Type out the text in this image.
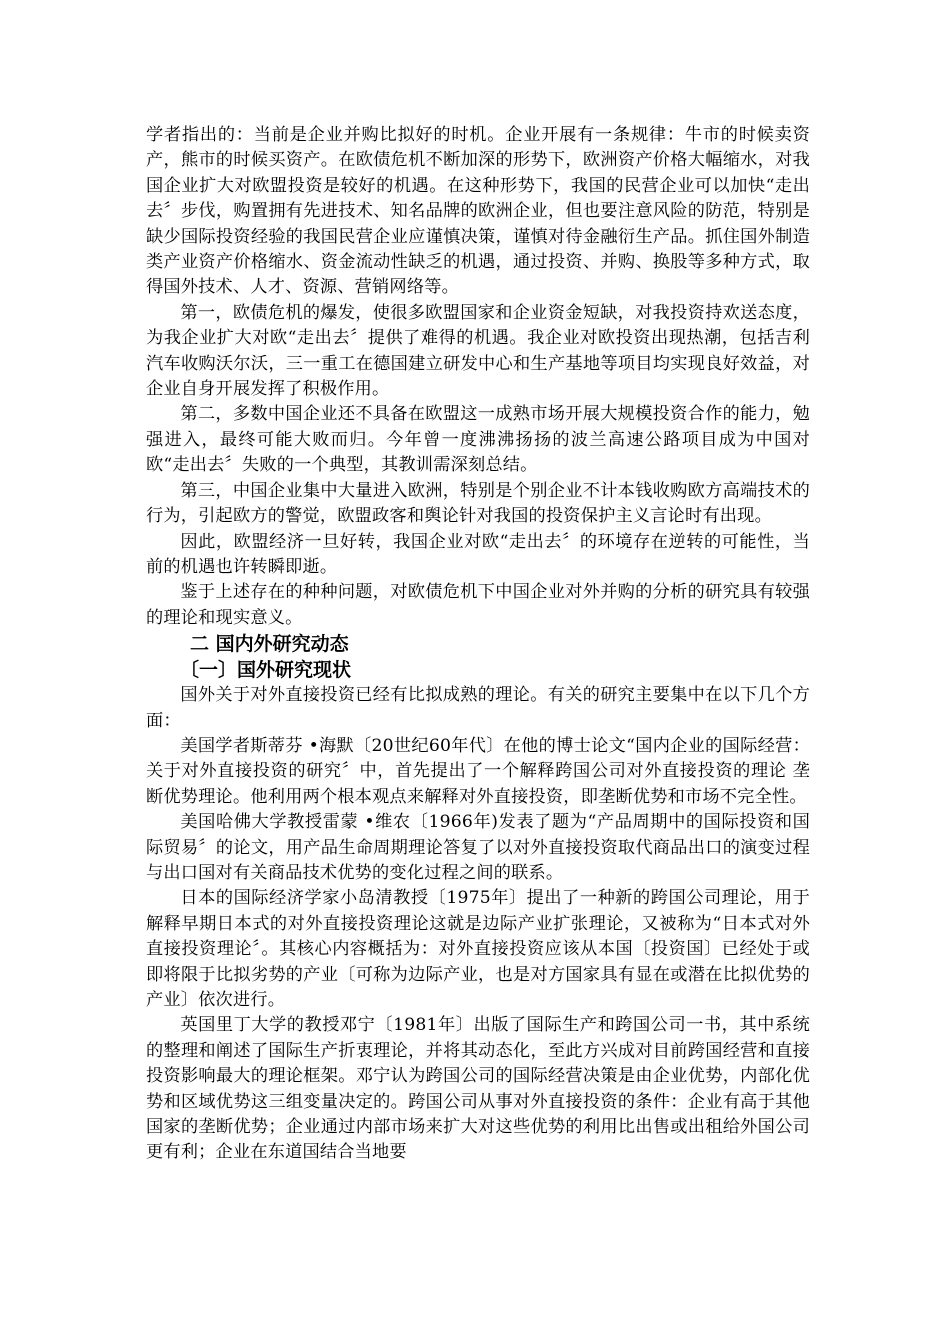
学者指出的：当前是企业并购比拟好的时机。企业开展有一条规律：牛市的时候卖资产，熊市的时候买资产。在欧债危机不断加深的形势下，欧洲资产价格大幅缩水，对我国企业扩大对欧盟投资是较好的机遇。在这种形势下，我国的民营企业可以加快“走出去〞步伐，购置拥有先进技术、知名品牌的欧洲企业，但也要注意风险的防范，特别是缺少国际投资经验的我国民营企业应谨慎决策，谨慎对待金融衍生产品。抓住国外制造类产业资产价格缩水、资金流动性缺乏的机遇，通过投资、并购、换股等多种方式，取得国外技术、人才、资源、营销网络等。

第一，欧债危机的爆发，使很多欧盟国家和企业资金短缺，对我投资持欢送态度，为我企业扩大对欧“走出去〞提供了难得的机遇。我企业对欧投资出现热潮，包括吉利汽车收购沃尔沃，三一重工在德国建立研发中心和生产基地等项目均实现良好效益，对企业自身开展发挥了积极作用。

第二，多数中国企业还不具备在欧盟这一成熟市场开展大规模投资合作的能力，勉强进入，最终可能大败而归。今年曾一度沸沸扬扬的波兰高速公路项目成为中国对欧“走出去〞失败的一个典型，其教训需深刻总结。

第三，中国企业集中大量进入欧洲，特别是个别企业不计本钱收购欧方高端技术的行为，引起欧方的警觉，欧盟政客和舆论针对我国的投资保护主义言论时有出现。

因此，欧盟经济一旦好转，我国企业对欧“走出去〞的环境存在逆转的可能性，当前的机遇也许转瞬即逝。

鉴于上述存在的种种问题，对欧债危机下中国企业对外并购的分析的研究具有较强的理论和现实意义。

二 国内外研究动态
〔一〕国外研究现状

国外关于对外直接投资已经有比拟成熟的理论。有关的研究主要集中在以下几个方面：

美国学者斯蒂芬 •海默〔20世纪60年代〕在他的博士论文“国内企业的国际经营：关于对外直接投资的研究〞中，首先提出了一个解释跨国公司对外直接投资的理论 垄断优势理论。他利用两个根本观点来解释对外直接投资，即垄断优势和市场不完全性。

美国哈佛大学教授雷蒙 •维农〔1966年)发表了题为“产品周期中的国际投资和国际贸易〞的论文，用产品生命周期理论答复了以对外直接投资取代商品出口的演变过程与出口国对有关商品技术优势的变化过程之间的联系。

日本的国际经济学家小岛清教授〔1975年〕提出了一种新的跨国公司理论，用于解释早期日本式的对外直接投资理论这就是边际产业扩张理论，又被称为“日本式对外直接投资理论〞。其核心内容概括为：对外直接投资应该从本国〔投资国〕已经处于或即将限于比拟劣势的产业〔可称为边际产业，也是对方国家具有显在或潜在比拟优势的产业〕依次进行。

英国里丁大学的教授邓宁〔1981年〕出版了国际生产和跨国公司一书，其中系统的整理和阐述了国际生产折衷理论，并将其动态化，至此方兴成对目前跨国经营和直接投资影响最大的理论框架。邓宁认为跨国公司的国际经营决策是由企业优势，内部化优势和区域优势这三组变量决定的。跨国公司从事对外直接投资的条件：企业有高于其他国家的垄断优势；企业通过内部市场来扩大对这些优势的利用比出售或出租给外国公司更有利；企业在东道国结合当地要
